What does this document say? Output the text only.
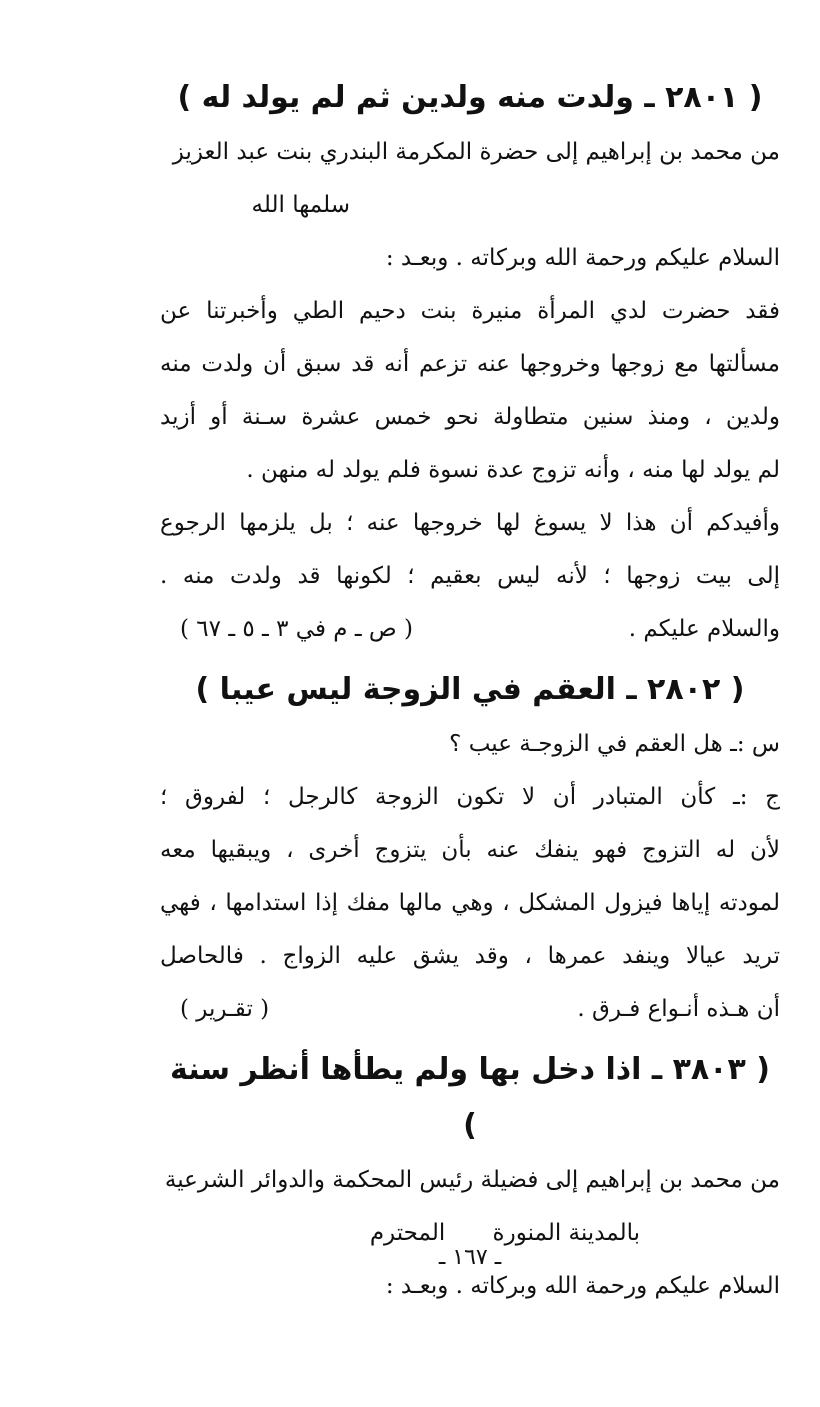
( ٢٨٠١ ـ ولدت منه ولدين ثم لم يولد له )

من محمد بن إبراهيم إلى حضرة المكرمة البندري بنت عبد العزيز

سلمها الله

السلام عليكم ورحمة الله وبركاته . وبعـد :

فقد حضرت لدي المرأة منيرة بنت دحيم الطي وأخبرتنا عن

مسألتها مع زوجها وخروجها عنه تزعم أنه قد سبق أن ولدت منه

ولدين ، ومنذ سنين متطاولة نحو خمس عشرة سـنة أو أزيد

لم يولد لها منه ، وأنه تزوج عدة نسوة فلم يولد له منهن .

وأفيدكم أن هذا لا يسوغ لها خروجها عنه ؛ بل يلزمها الرجوع

إلى بيت زوجها ؛ لأنه ليس بعقيم ؛ لكونها قد ولدت منه .

والسلام عليكم .
( ص ـ م في ٣ ـ ٥ ـ ٦٧ )
( ٢٨٠٢ ـ العقم في الزوجة ليس عيبا )

س :ـ هل العقم في الزوجـة عيب ؟

ج :ـ كأن المتبادر أن لا تكون الزوجة كالرجل ؛ لفروق ؛

لأن له التزوج فهو ينفك عنه بأن يتزوج أخرى ، ويبقيها معه

لمودته إياها فيزول المشكل ، وهي مالها مفك إذا استدامها ، فهي

تريد عيالا وينفد عمرها ، وقد يشق عليه الزواج . فالحاصل

أن هـذه أنـواع فـرق .
( تقـرير )
( ٣٨٠٣ ـ اذا دخل بها ولم يطأها أنظر سنة )

من محمد بن إبراهيم إلى فضيلة رئيس المحكمة والدوائر الشرعية

بالمدينة المنورة المحترم

السلام عليكم ورحمة الله وبركاته . وبعـد :

ـ ١٦٧ ـ
